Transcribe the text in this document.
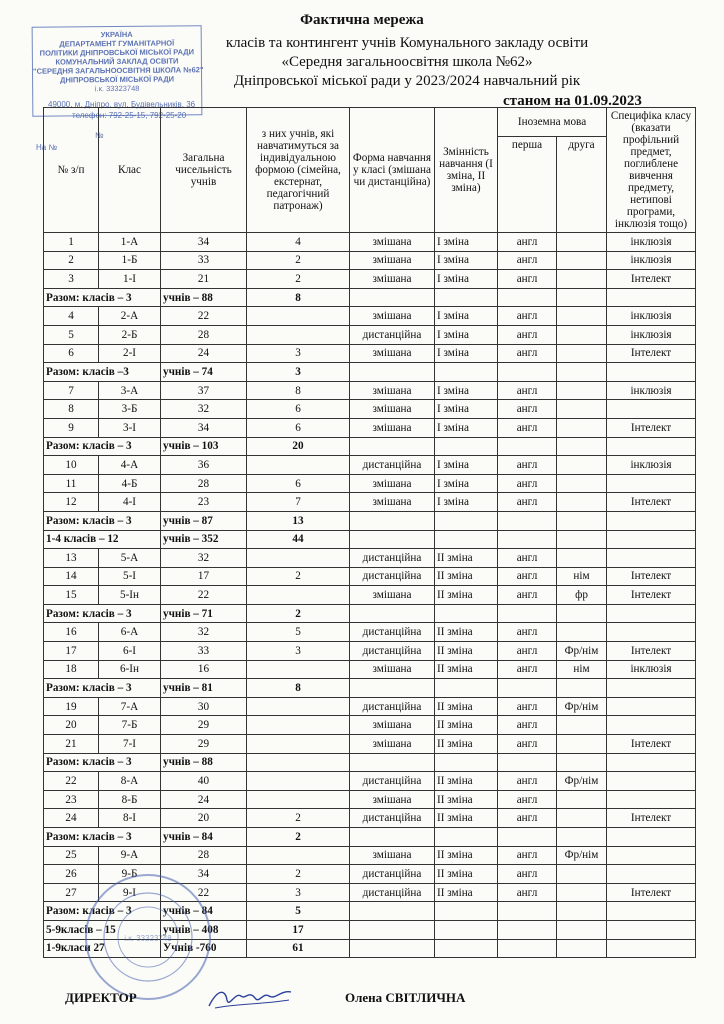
УКРАЇНА
ДЕПАРТАМЕНТ ГУМАНІТАРНОЇ
ПОЛІТИКИ ДНІПРОВСЬКОЇ МІСЬКОЇ РАДИ
КОМУНАЛЬНИЙ ЗАКЛАД ОСВІТИ
"СЕРЕДНЯ ЗАГАЛЬНООСВІТНЯ ШКОЛА №62"
ДНІПРОВСЬКОЇ МІСЬКОЇ РАДИ
і.к. 33323748
49000, м. Дніпро, вул. Будівельників, 36
телефон: 792-25-15, 792-25-20
№
На №
Фактична мережа
класів та контингент учнів Комунального закладу освіти
«Середня загальноосвітня школа №62»
Дніпровської міської ради у 2023/2024 навчальний рік
станом на 01.09.2023
№ з/п	Клас	Загальна чисельність учнів	з них учнів, які навчатимуться за індивідуальною формою (сімейна, екстернат, педагогічний патронаж)	Форма навчання у класі (змішана чи дистанційна)	Змінність навчання (І зміна, ІІ зміна)	Іноземна мова		Специфіка класу (вказати профільний предмет, поглиблене вивчення предмету, нетипові програми, інклюзія тощо)
						перша	друга	
1	1-А	34	4	змішана	І зміна	англ		інклюзія
2	1-Б	33	2	змішана	І зміна	англ		інклюзія
3	1-І	21	2	змішана	І зміна	англ		Інтелект
Разом: класів – 3		учнів – 88	8					
4	2-А	22		змішана	І зміна	англ		інклюзія
5	2-Б	28		дистанційна	І зміна	англ		інклюзія
6	2-І	24	3	змішана	І зміна	англ		Інтелект
Разом: класів –3		учнів – 74	3					
7	3-А	37	8	змішана	І зміна	англ		інклюзія
8	3-Б	32	6	змішана	І зміна	англ		
9	3-І	34	6	змішана	І зміна	англ		Інтелект
Разом: класів – 3		учнів – 103	20					
10	4-А	36		дистанційна	І зміна	англ		інклюзія
11	4-Б	28	6	змішана	І зміна	англ		
12	4-І	23	7	змішана	І зміна	англ		Інтелект
Разом: класів – 3		учнів – 87	13					
1-4 класів – 12		учнів – 352	44					
13	5-А	32		дистанційна	ІІ зміна	англ		
14	5-І	17	2	дистанційна	ІІ зміна	англ	нім	Інтелект
15	5-Ін	22		змішана	ІІ зміна	англ	фр	Інтелект
Разом: класів – 3		учнів – 71	2					
16	6-А	32	5	дистанційна	ІІ зміна	англ		
17	6-І	33	3	дистанційна	ІІ зміна	англ	Фр/нім	Інтелект
18	6-Ін	16		змішана	ІІ зміна	англ	нім	інклюзія
Разом: класів – 3		учнів – 81	8					
19	7-А	30		дистанційна	ІІ зміна	англ	Фр/нім	
20	7-Б	29		змішана	ІІ зміна	англ		
21	7-І	29		змішана	ІІ зміна	англ		Інтелект
Разом: класів – 3		учнів – 88						
22	8-А	40		дистанційна	ІІ зміна	англ	Фр/нім	
23	8-Б	24		змішана	ІІ зміна	англ		
24	8-І	20	2	дистанційна	ІІ зміна	англ		Інтелект
Разом: класів – 3		учнів – 84	2					
25	9-А	28		змішана	ІІ зміна	англ	Фр/нім	
26	9-Б	34	2	дистанційна	ІІ зміна	англ		
27	9-І	22	3	дистанційна	ІІ зміна	англ		Інтелект
Разом: класів – 3		учнів – 84	5					
5-9класів – 15		учнів – 408	17					
1-9класи 27		Учнів -760	61					
і.к. 33323748
ДИРЕКТОР	Олена СВІТЛИЧНА
